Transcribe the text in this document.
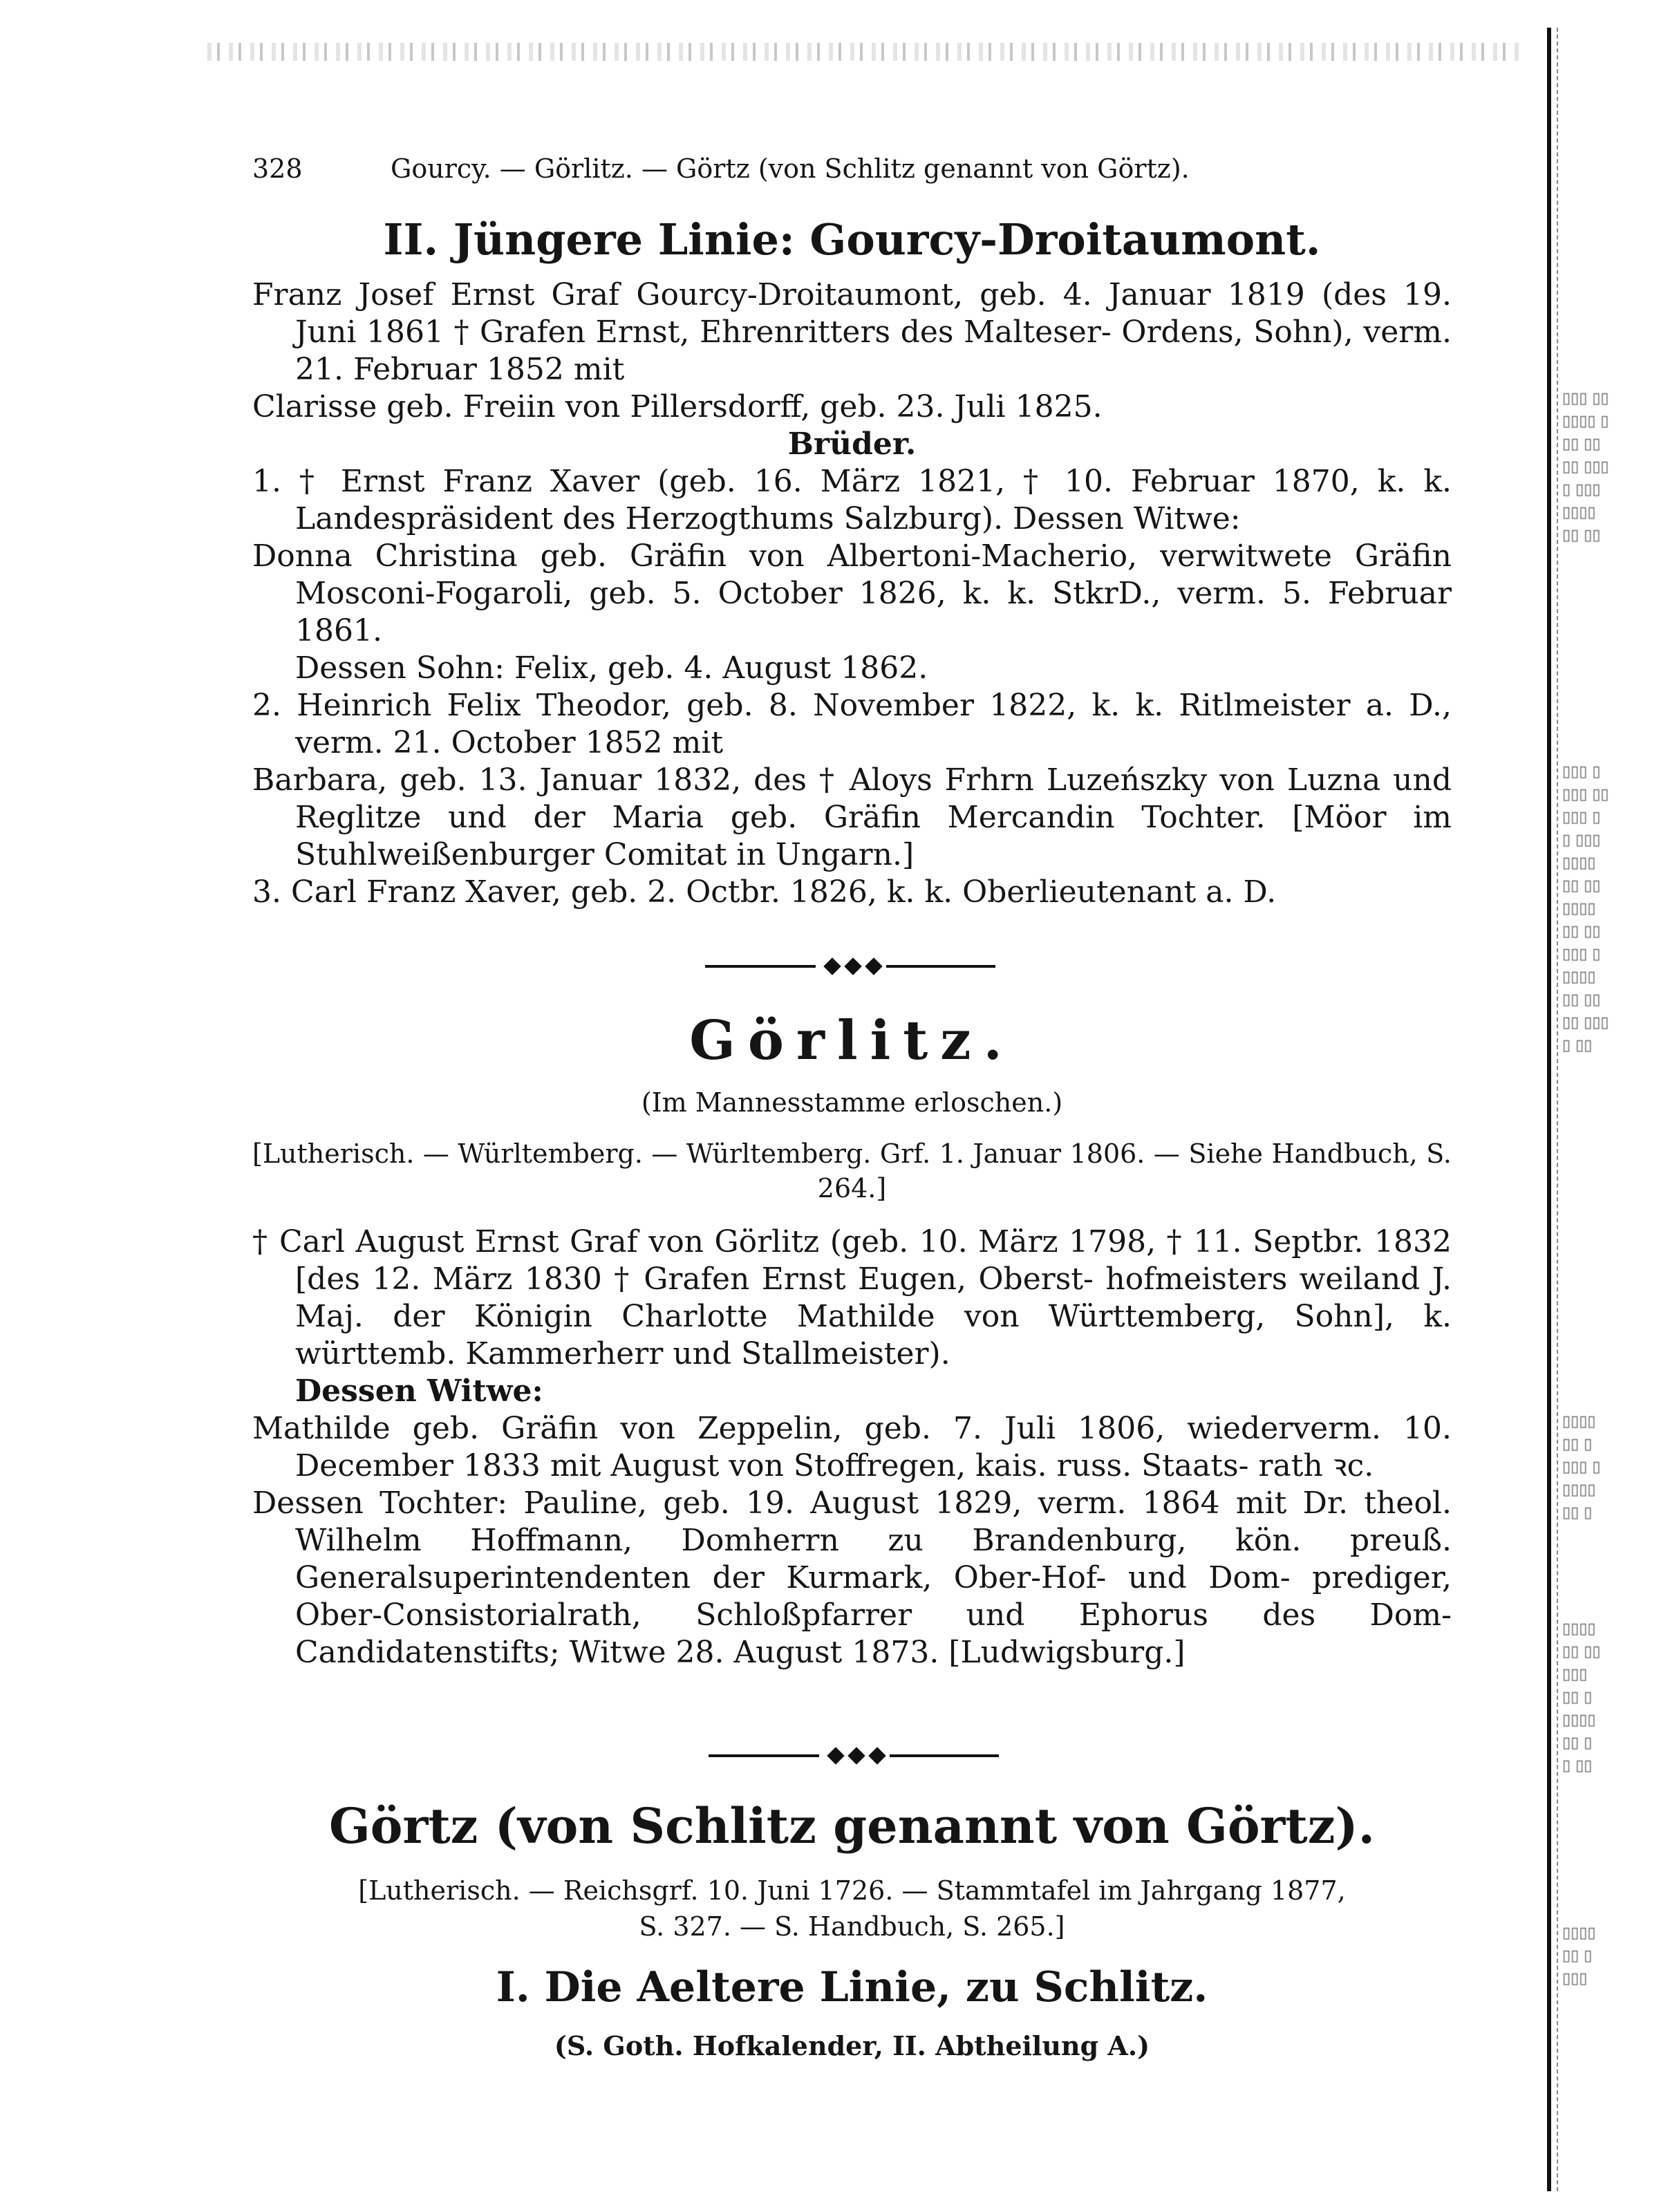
▯▯▯ ▯▯
▯▯▯▯ ▯
▯▯ ▯▯
▯▯ ▯▯▯
▯ ▯▯▯
▯▯▯▯
▯▯ ▯▯
▯▯▯ ▯
▯▯▯ ▯▯
▯▯▯ ▯
▯ ▯▯▯
▯▯▯▯
▯▯ ▯▯
▯▯▯▯
▯▯ ▯▯
▯▯▯ ▯
▯▯▯▯
▯▯ ▯▯
▯▯ ▯▯▯
▯ ▯▯
▯▯▯▯
▯▯ ▯
▯▯▯ ▯
▯▯▯▯
▯▯ ▯
▯▯▯▯
▯▯ ▯▯
▯▯▯
▯▯ ▯
▯▯▯▯
▯▯ ▯
▯ ▯▯
▯▯▯▯
▯▯ ▯
▯▯▯
328	Gourcy. — Görlitz. — Görtz (von Schlitz genannt von Görtz).
II. Jüngere Linie: Gourcy-Droitaumont.
Franz Josef Ernst Graf Gourcy-Droitaumont, geb. 4. Januar 1819 (des 19. Juni 1861 † Grafen Ernst, Ehrenritters des Malteser- Ordens, Sohn), verm. 21. Februar 1852 mit
Clarisse geb. Freiin von Pillersdorff, geb. 23. Juli 1825.
Brüder.
1. † Ernst Franz Xaver (geb. 16. März 1821, † 10. Februar 1870, k. k. Landespräsident des Herzogthums Salzburg). Dessen Witwe:
Donna Christina geb. Gräfin von Albertoni-Macherio, verwitwete Gräfin Mosconi-Fogaroli, geb. 5. October 1826, k. k. StkrD., verm. 5. Februar 1861.
Dessen Sohn: Felix, geb. 4. August 1862.
2. Heinrich Felix Theodor, geb. 8. November 1822, k. k. Ritlmeister a. D., verm. 21. October 1852 mit
Barbara, geb. 13. Januar 1832, des † Aloys Frhrn Luzeńszky von Luzna und Reglitze und der Maria geb. Gräfin Mercandin Tochter. [Möor im Stuhlweißenburger Comitat in Ungarn.]
3. Carl Franz Xaver, geb. 2. Octbr. 1826, k. k. Oberlieutenant a. D.
Görlitz.
(Im Mannesstamme erloschen.)
[Lutherisch. — Würltemberg. — Würltemberg. Grf. 1. Januar 1806. — Siehe Handbuch, S. 264.]
† Carl August Ernst Graf von Görlitz (geb. 10. März 1798, † 11. Septbr. 1832 [des 12. März 1830 † Grafen Ernst Eugen, Oberst- hofmeisters weiland J. Maj. der Königin Charlotte Mathilde von Württemberg, Sohn], k. württemb. Kammerherr und Stallmeister).
Dessen Witwe:
Mathilde geb. Gräfin von Zeppelin, geb. 7. Juli 1806, wiederverm. 10. December 1833 mit August von Stoffregen, kais. russ. Staats- rath ꝛc.
Dessen Tochter: Pauline, geb. 19. August 1829, verm. 1864 mit Dr. theol. Wilhelm Hoffmann, Domherrn zu Brandenburg, kön. preuß. Generalsuperintendenten der Kurmark, Ober-Hof- und Dom- prediger, Ober-Consistorialrath, Schloßpfarrer und Ephorus des Dom-Candidatenstifts; Witwe 28. August 1873. [Ludwigsburg.]
Görtz (von Schlitz genannt von Görtz).
[Lutherisch. — Reichsgrf. 10. Juni 1726. — Stammtafel im Jahrgang 1877,
S. 327. — S. Handbuch, S. 265.]
I. Die Aeltere Linie, zu Schlitz.
(S. Goth. Hofkalender, II. Abtheilung A.)
